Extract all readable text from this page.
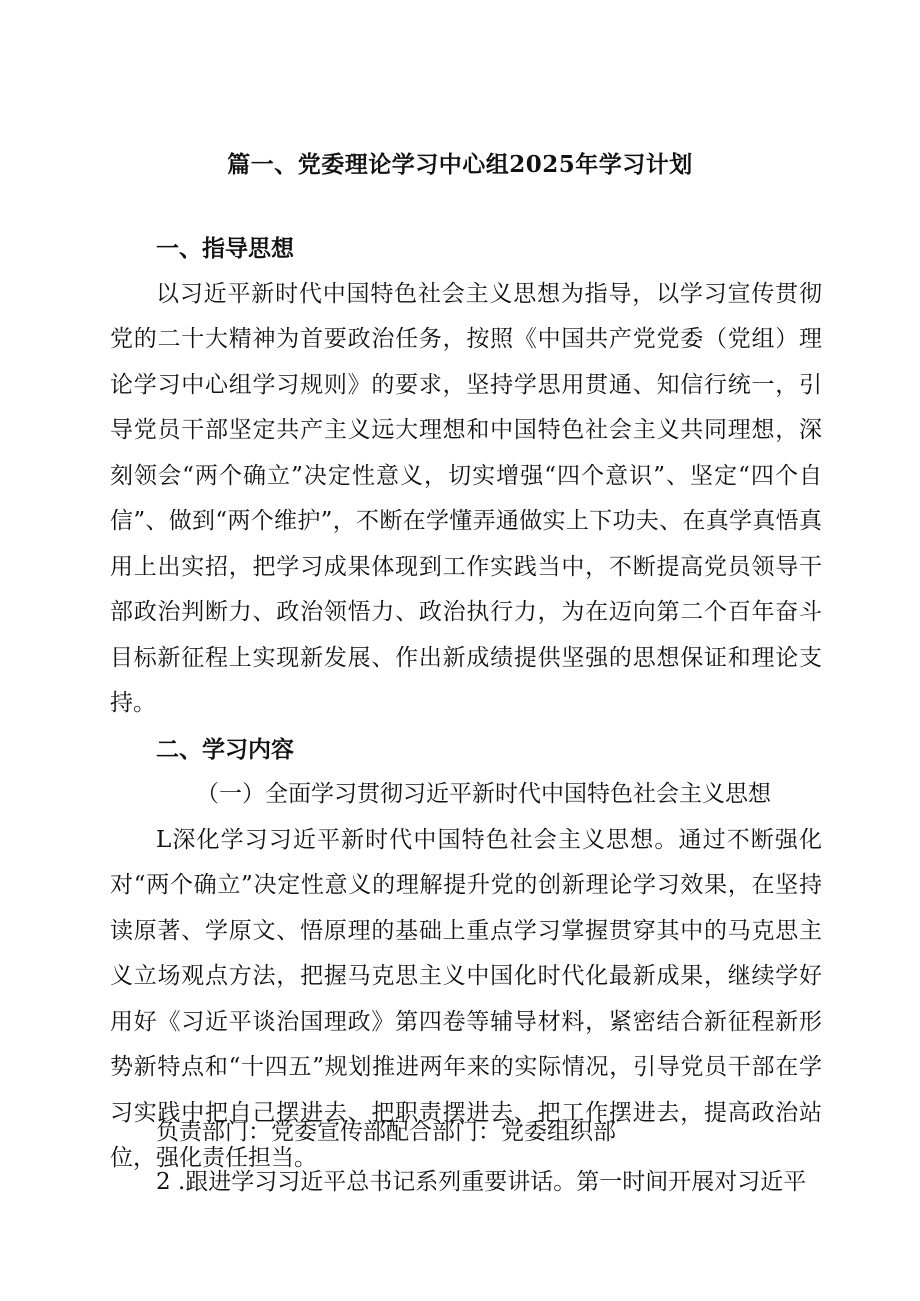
篇一、党委理论学习中心组2025年学习计划
一、指导思想
以习近平新时代中国特色社会主义思想为指导，以学习宣传贯彻党的二十大精神为首要政治任务，按照《中国共产党党委（党组）理论学习中心组学习规则》的要求，坚持学思用贯通、知信行统一，引导党员干部坚定共产主义远大理想和中国特色社会主义共同理想，深刻领会“两个确立”决定性意义，切实增强“四个意识”、坚定“四个自信”、做到“两个维护”，不断在学懂弄通做实上下功夫、在真学真悟真用上出实招，把学习成果体现到工作实践当中，不断提高党员领导干部政治判断力、政治领悟力、政治执行力，为在迈向第二个百年奋斗目标新征程上实现新发展、作出新成绩提供坚强的思想保证和理论支持。
二、学习内容
（一）全面学习贯彻习近平新时代中国特色社会主义思想
L深化学习习近平新时代中国特色社会主义思想。通过不断强化对“两个确立”决定性意义的理解提升党的创新理论学习效果，在坚持读原著、学原文、悟原理的基础上重点学习掌握贯穿其中的马克思主义立场观点方法，把握马克思主义中国化时代化最新成果，继续学好用好《习近平谈治国理政》第四卷等辅导材料，紧密结合新征程新形势新特点和“十四五”规划推进两年来的实际情况，引导党员干部在学习实践中把自己摆进去、把职责摆进去、把工作摆进去，提高政治站位，强化责任担当。
负责部门：党委宣传部配合部门：党委组织部
2 .跟进学习习近平总书记系列重要讲话。第一时间开展对习近平
